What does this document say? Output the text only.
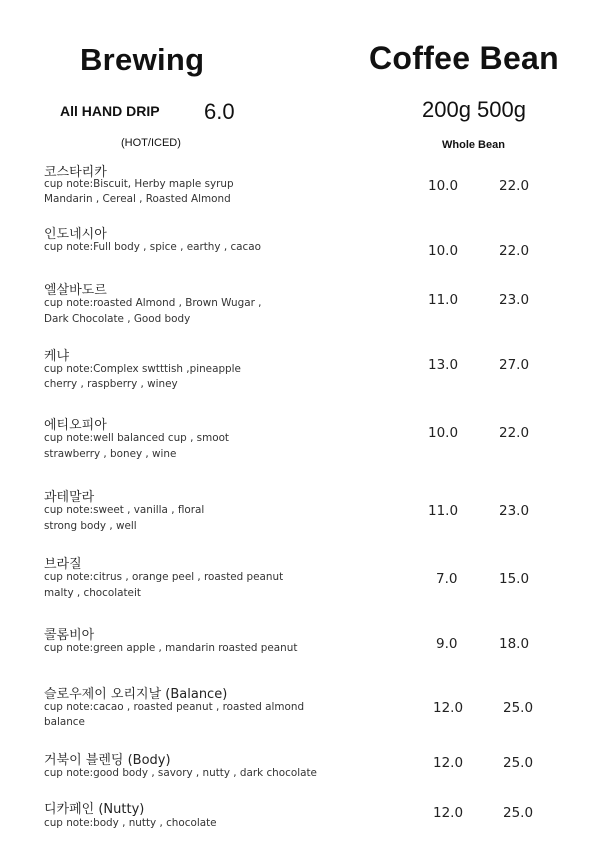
Brewing	Coffee Bean
All HAND DRIP 6.0	200g 500g
(HOT/ICED)	Whole Bean
코스타리카
cup note:Biscuit, Herby maple syrup
Mandarin , Cereal , Roasted Almond
10.0	22.0
인도네시아
cup note:Full body , spice , earthy , cacao	10.0	22.0
엘살바도르
cup note:roasted Almond , Brown Wugar ,
Dark Chocolate , Good body
11.0	23.0
케냐
cup note:Complex swtttish ,pineapple
cherry , raspberry , winey
13.0	27.0
에티오피아
cup note:well balanced cup , smoot
strawberry , boney , wine
10.0	22.0
과테말라
cup note:sweet , vanilla , floral
strong body , well
11.0	23.0
브라질
cup note:citrus , orange peel , roasted peanut
malty , chocolateit
7.0	15.0
콜롬비아
cup note:green apple , mandarin roasted peanut	9.0	18.0
슬로우제이 오리지날 (Balance)
cup note:cacao , roasted peanut , roasted almond
balance
12.0	25.0
거북이 블렌딩 (Body)
cup note:good body , savory , nutty , dark chocolate
12.0	25.0
디카페인 (Nutty)
cup note:body , nutty , chocolate
12.0	25.0
